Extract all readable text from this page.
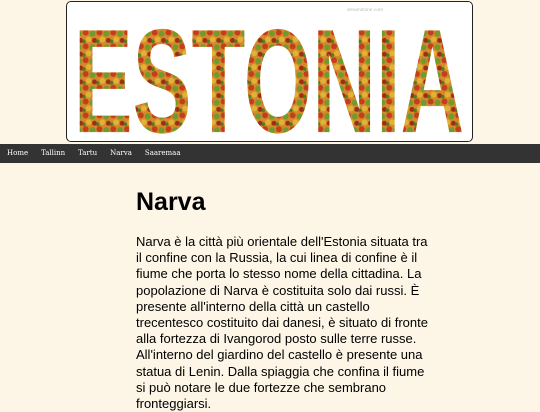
ESTONIA
dreamstime.com
Home	Tallinn	Tartu	Narva	Saaremaa
Narva

Narva è la città più orientale dell'Estonia situata tra il confine con la Russia, la cui linea di confine è il fiume che porta lo stesso nome della cittadina. La popolazione di Narva è costituita solo dai russi. È presente all'interno della città un castello trecentesco costituito dai danesi, è situato di fronte alla fortezza di Ivangorod posto sulle terre russe. All'interno del giardino del castello è presente una statua di Lenin. Dalla spiaggia che confina il fiume si può notare le due fortezze che sembrano fronteggiarsi.
